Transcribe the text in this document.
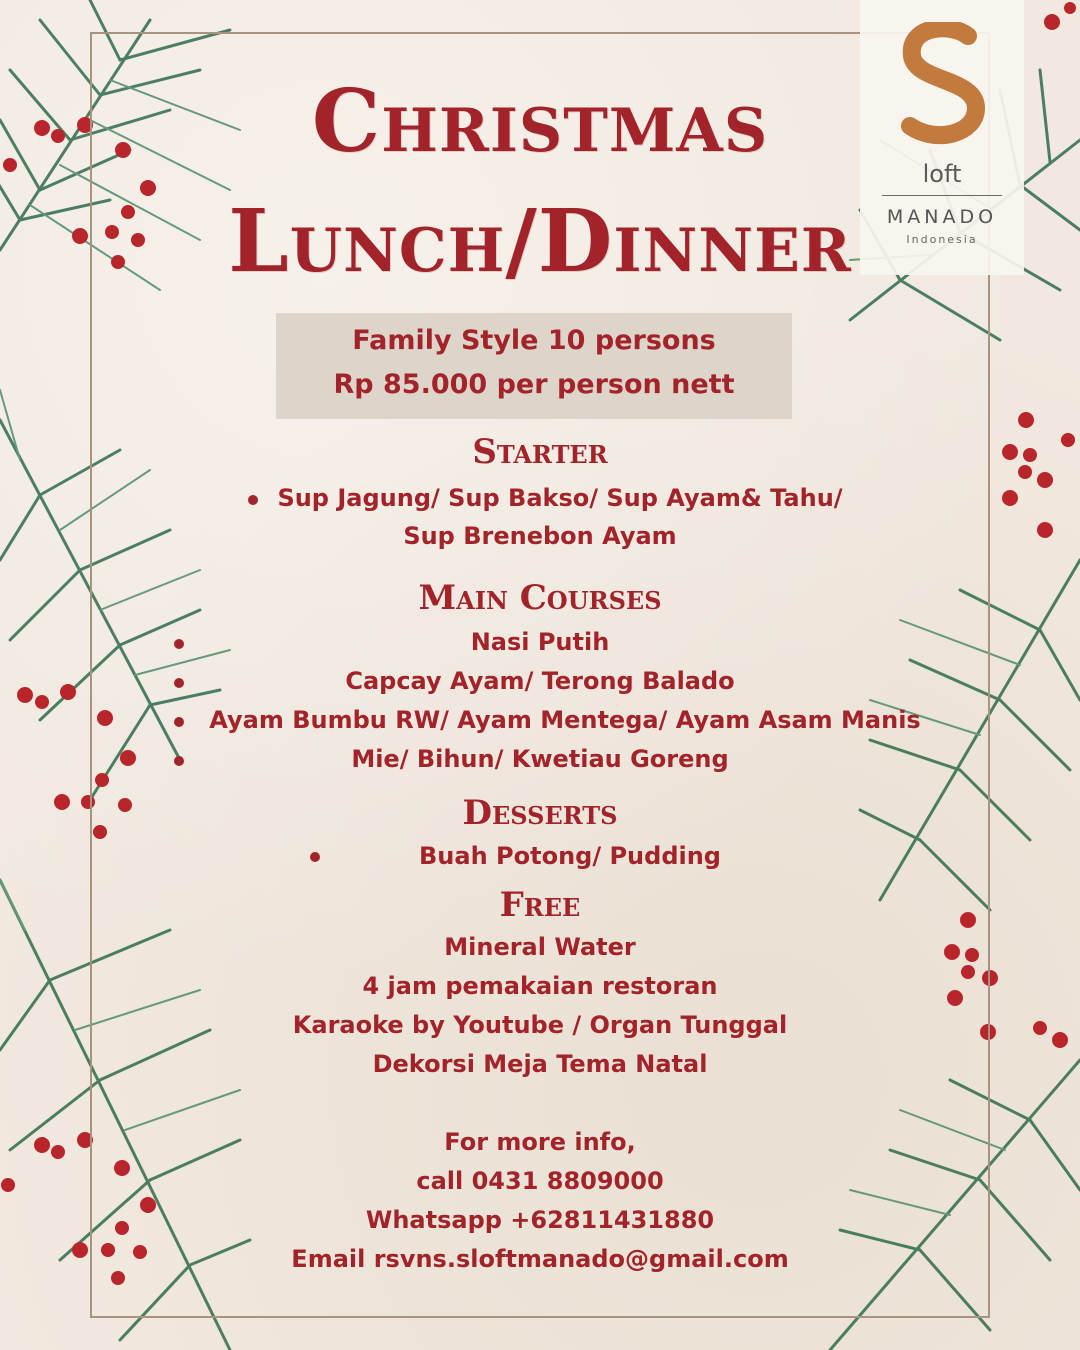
loft
MANADO
Indonesia
Christmas
Lunch/Dinner
Family Style 10 persons
Rp 85.000 per person nett
Starter
Sup Jagung/ Sup Bakso/ Sup Ayam& Tahu/
Sup Brenebon Ayam
Main Courses
Nasi Putih
Capcay Ayam/ Terong Balado
Ayam Bumbu RW/ Ayam Mentega/ Ayam Asam Manis
Mie/ Bihun/ Kwetiau Goreng
Desserts
Buah Potong/ Pudding
Free
Mineral Water
4 jam pemakaian restoran
Karaoke by Youtube / Organ Tunggal
Dekorsi Meja Tema Natal
For more info,
call 0431 8809000
Whatsapp +62811431880
Email rsvns.sloftmanado@gmail.com
